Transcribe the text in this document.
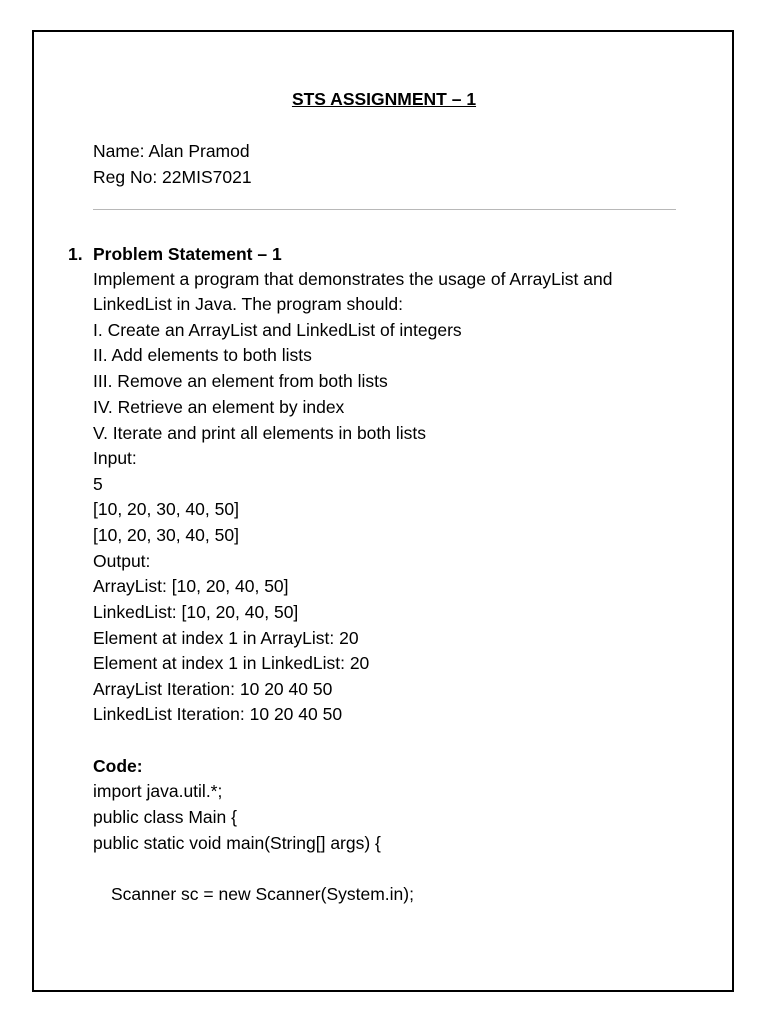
STS ASSIGNMENT – 1
Name: Alan Pramod
Reg No: 22MIS7021
1. Problem Statement – 1
Implement a program that demonstrates the usage of ArrayList and
LinkedList in Java. The program should:
I. Create an ArrayList and LinkedList of integers
II. Add elements to both lists
III. Remove an element from both lists
IV. Retrieve an element by index
V. Iterate and print all elements in both lists
Input:
5
[10, 20, 30, 40, 50]
[10, 20, 30, 40, 50]
Output:
ArrayList: [10, 20, 40, 50]
LinkedList: [10, 20, 40, 50]
Element at index 1 in ArrayList: 20
Element at index 1 in LinkedList: 20
ArrayList Iteration: 10 20 40 50
LinkedList Iteration: 10 20 40 50
Code:
import java.util.*;
public class Main {
public static void main(String[] args) {
Scanner sc = new Scanner(System.in);
